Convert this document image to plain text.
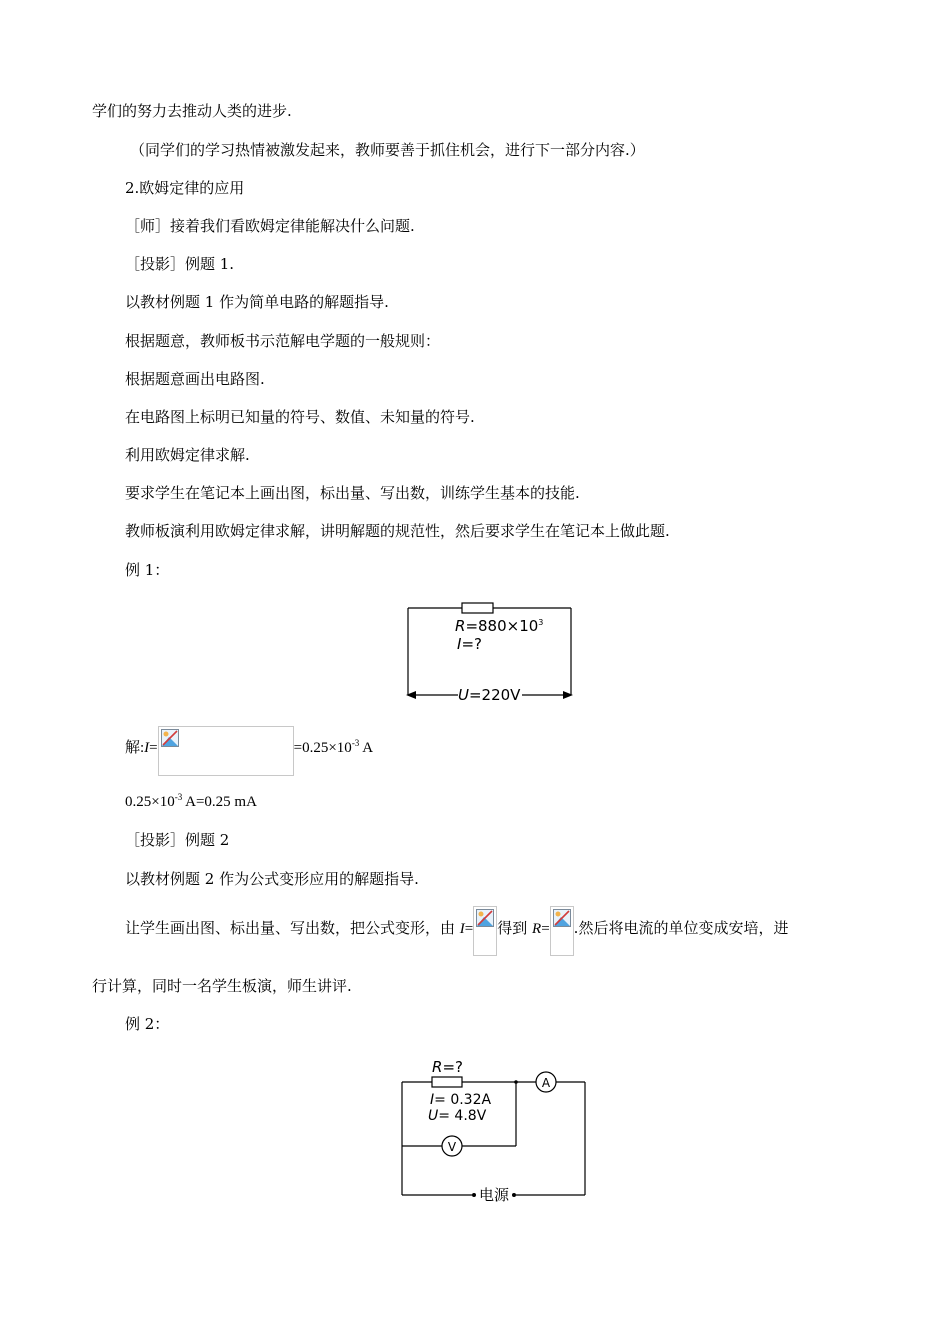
学们的努力去推动人类的进步.
（同学们的学习热情被激发起来，教师要善于抓住机会，进行下一部分内容.）
2.欧姆定律的应用
［师］接着我们看欧姆定律能解决什么问题.
［投影］例题 1.
以教材例题 1 作为简单电路的解题指导.
根据题意，教师板书示范解电学题的一般规则：
根据题意画出电路图.
在电路图上标明已知量的符号、数值、未知量的符号.
利用欧姆定律求解.
要求学生在笔记本上画出图，标出量、写出数，训练学生基本的技能.
教师板演利用欧姆定律求解，讲明解题的规范性，然后要求学生在笔记本上做此题.
例 1：
$R=880\times 10^3$
I=?
U=220V
解:I=	$=0.25\times 10^{-3}$ A
$0.25\times 10^{-3}$ A=0.25 mA
［投影］例题 2
以教材例题 2 作为公式变形应用的解题指导.
让学生画出图、标出量、写出数，把公式变形，由 I= 得到 R= .然后将电流的单位变成安培，进
行计算，同时一名学生板演，师生讲评.
例 2：
A
V
R=?
I= 0.32A
U= 4.8V
电源
